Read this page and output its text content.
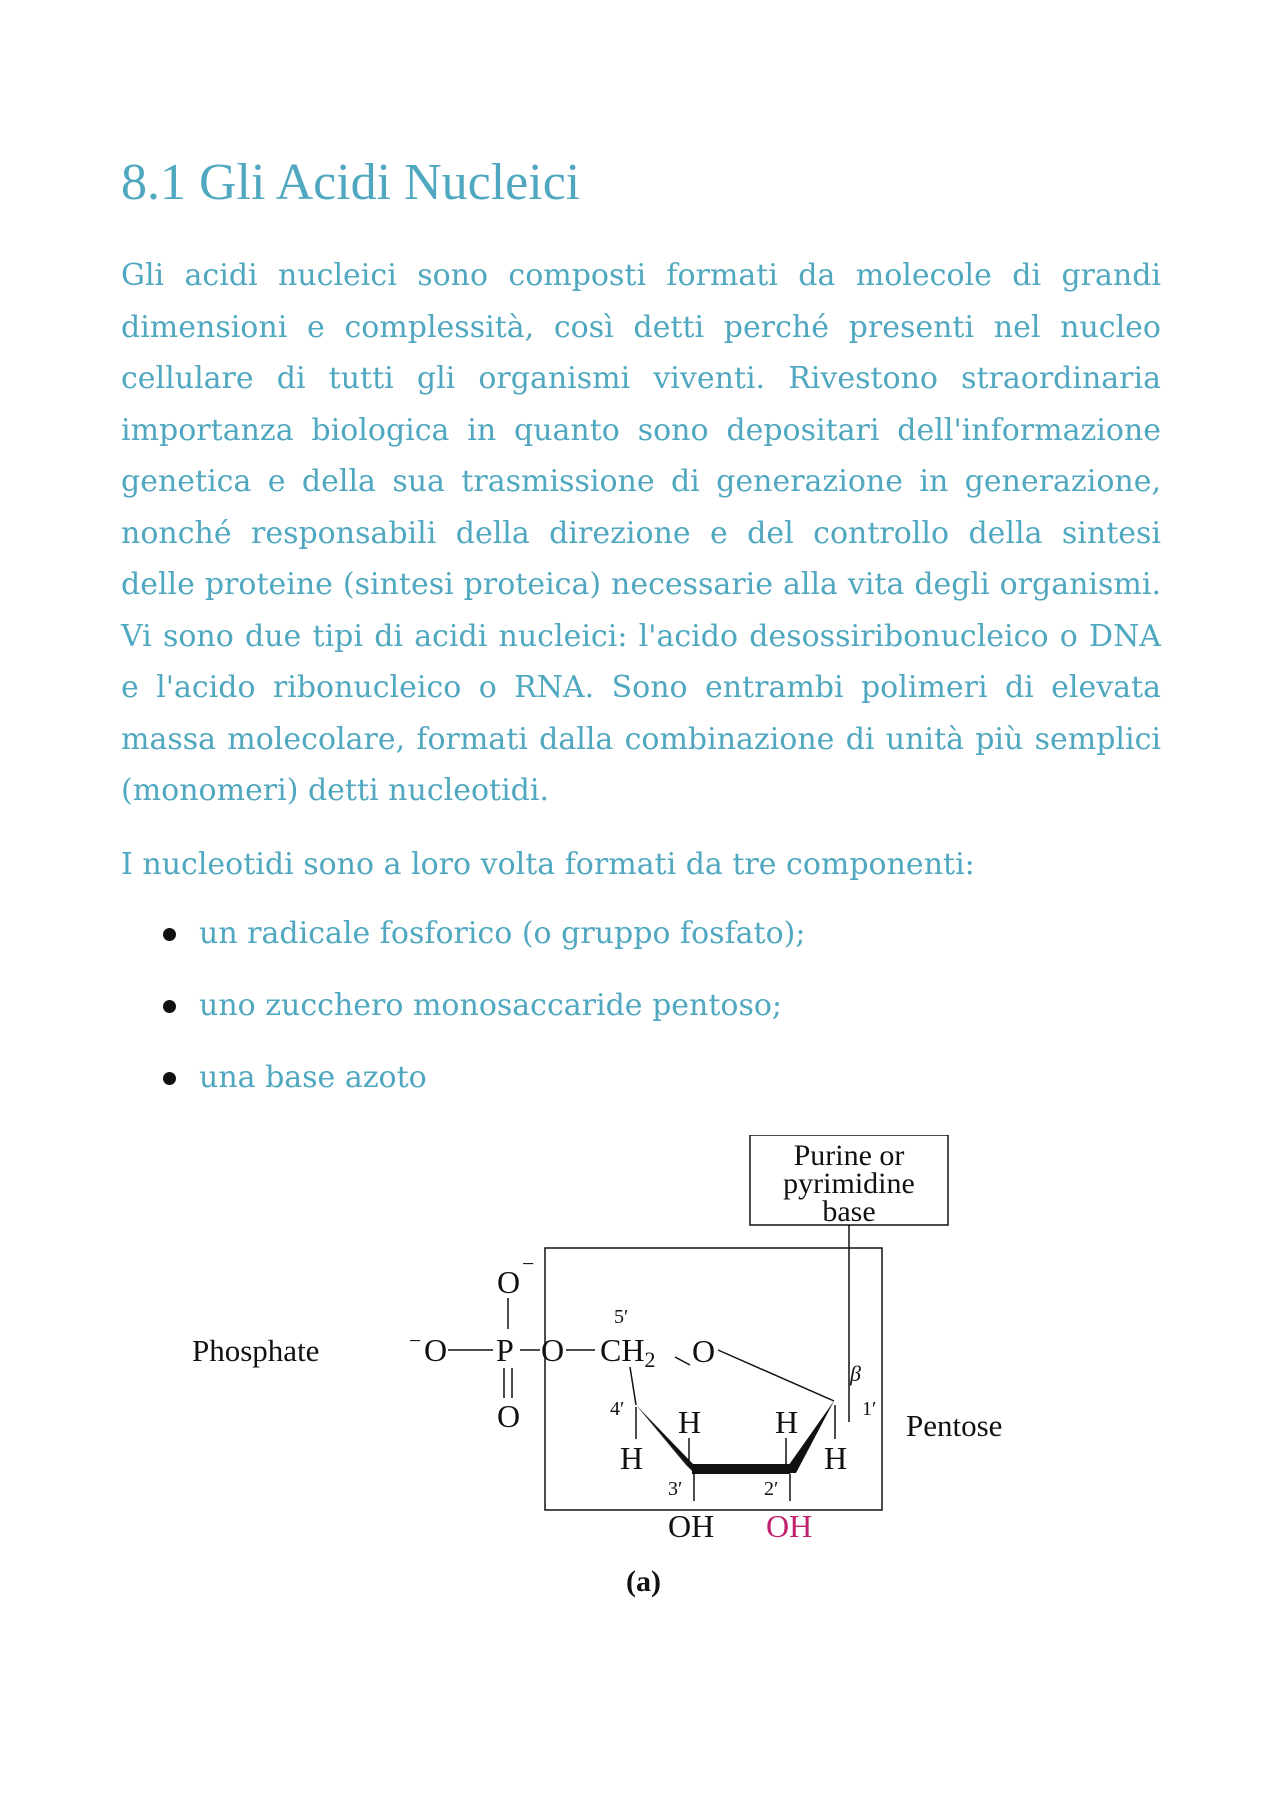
8.1 Gli Acidi Nucleici

Gli acidi nucleici sono composti formati da molecole di grandi dimensioni e complessità, così detti perché presenti nel nucleo cellulare di tutti gli organismi viventi. Rivestono straordinaria importanza biologica in quanto sono depositari dell'informazione genetica e della sua trasmissione di generazione in generazione, nonché responsabili della direzione e del controllo della sintesi delle proteine (sintesi proteica) necessarie alla vita degli organismi. Vi sono due tipi di acidi nucleici: l'acido desossiribonucleico o DNA e l'acido ribonucleico o RNA. Sono entrambi polimeri di elevata massa molecolare, formati dalla combinazione di unità più semplici (monomeri) detti nucleotidi.

I nucleotidi sono a loro volta formati da tre componenti:

un radicale fosforico (o gruppo fosfato);
uno zucchero monosaccaride pentoso;
una base azoto
Purine or
pyrimidine
base
Phosphate
Pentose
O
−
− O P O
O
5′
CH2 O
4′	1′
β
H H
H	H
3′	2′
OH OH
(a)
